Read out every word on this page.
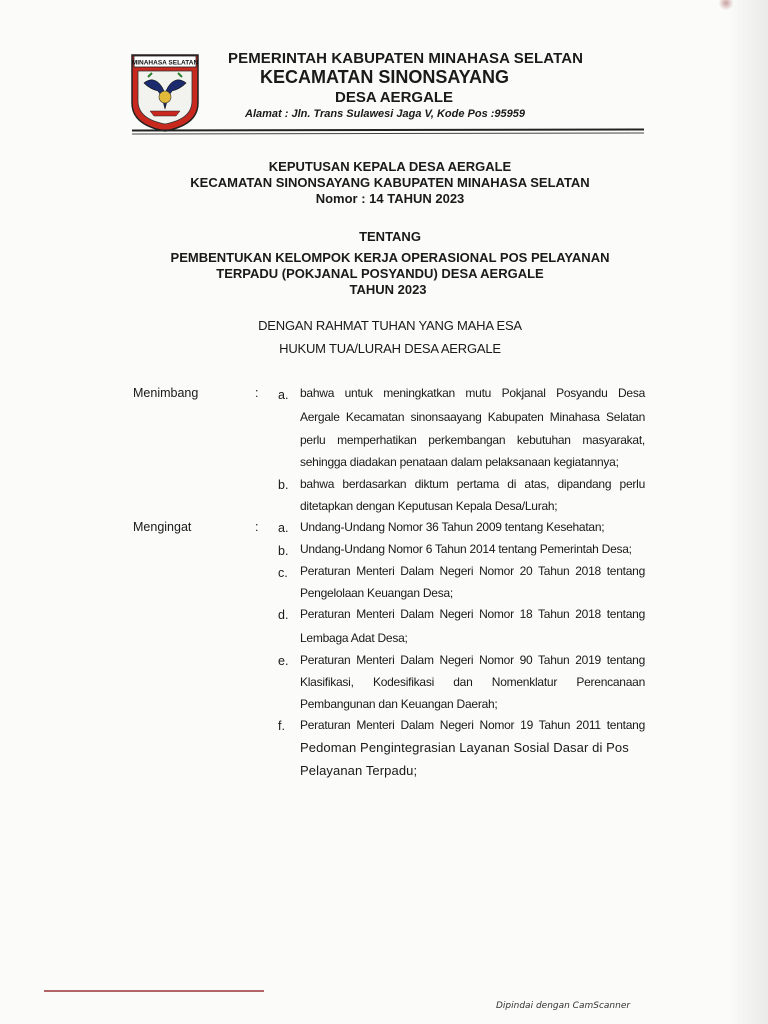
MINAHASA SELATAN PEMERINTAH KABUPATEN MINAHASA SELATAN
KECAMATAN SINONSAYANG
DESA AERGALE
Alamat : Jln. Trans Sulawesi Jaga V, Kode Pos :95959
KEPUTUSAN KEPALA DESA AERGALE
KECAMATAN SINONSAYANG KABUPATEN MINAHASA SELATAN
Nomor : 14 TAHUN 2023
TENTANG
PEMBENTUKAN KELOMPOK KERJA OPERASIONAL POS PELAYANAN
TERPADU (POKJANAL POSYANDU) DESA AERGALE
TAHUN 2023
DENGAN RAHMAT TUHAN YANG MAHA ESA
HUKUM TUA/LURAH DESA AERGALE
Menimbang	: a. bahwa untuk meningkatkan mutu Pokjanal Posyandu Desa
Aergale Kecamatan sinonsaayang Kabupaten Minahasa Selatan
perlu memperhatikan perkembangan kebutuhan masyarakat,
sehingga diadakan penataan dalam pelaksanaan kegiatannya;
b. bahwa berdasarkan diktum pertama di atas, dipandang perlu
ditetapkan dengan Keputusan Kepala Desa/Lurah;
Mengingat	: a. Undang-Undang Nomor 36 Tahun 2009 tentang Kesehatan;
b. Undang-Undang Nomor 6 Tahun 2014 tentang Pemerintah Desa;
c. Peraturan Menteri Dalam Negeri Nomor 20 Tahun 2018 tentang
Pengelolaan Keuangan Desa;
d. Peraturan Menteri Dalam Negeri Nomor 18 Tahun 2018 tentang
Lembaga Adat Desa;
e. Peraturan Menteri Dalam Negeri Nomor 90 Tahun 2019 tentang
Klasifikasi, Kodesifikasi dan Nomenklatur Perencanaan
Pembangunan dan Keuangan Daerah;
f. Peraturan Menteri Dalam Negeri Nomor 19 Tahun 2011 tentang
Pedoman Pengintegrasian Layanan Sosial Dasar di Pos
Pelayanan Terpadu;
Dipindai dengan CamScanner
